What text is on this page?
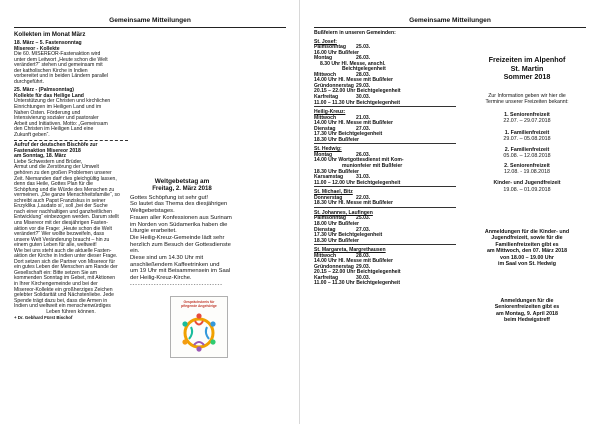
Gemeinsame Mitteilungen
Kollekten im Monat März
18. März – 5. Fastensonntag
Misereor - Kollekte
Die 60. MISEREOR-Fastenaktion wird
unter dem Leitwort „Heute schon die Welt
verändert?“ stehen und gemeinsam mit
der katholischen Kirche in Indien
vorbereitet und in beiden Ländern parallel
durchgeführt.
25. März - (Palmsonntag)
Kollekte für das Heilige Land
Unterstützung der Christen und kirchlichen
Einrichtungen im Heiligen Land und im
Nahen Osten. Förderung und
Intensivierung sozialer und pastoraler
Arbeit und Initiativen. Motto: „Gemeinsam
den Christen im Heiligen Land eine
Zukunft geben“.
Aufruf der deutschen Bischöfe zur
Fastenaktion Misereor 2018
am Sonntag, 18. März
Liebe Schwestern und Brüder,
Armut und die Zerstörung der Umwelt
gehören zu den großen Problemen unserer
Zeit. Niemanden darf dies gleichgültig lassen,
denn das Heile, Gottes Plan für die
Schöpfung und die Würde des Menschen zu
vermeinen. „Die ganze Menschheitsfamilie“, so
schreibt auch Papst Franziskus in seiner
Enzyklika ‚Laudato si‘, soll „bei der Suche
nach einer nachhaltigen und ganzheitlichen
Entwicklung“ einbezogen werden. Darum stellt
uns Misereor mit der diesjährigen Fasten-
aktion vor die Frage: „Heute schon die Welt
verändert?“ Wer wollte bezweifeln, dass
unsere Welt Veränderung braucht – hin zu
einem guten Leben für alle, weltweit!
Wie bei uns steht auch die aktuelle Fasten-
aktion der Kirche in Indien unter dieser Frage.
Dort setzen sich die Partner von Misereor für
ein gutes Leben der Menschen am Rande der
Gesellschaft ein: Bitte setzen Sie am
kommenden Sonntag im Gebet, mit Aktionen
in Ihrer Kirchengemeinde und bei der
Misereor-Kollekte ein großherziges Zeichen
gelebter Solidarität und Nächstenliebe. Jede
Spende trägt dazu bei, dass die Armen in
Indien und weltweit ein menschenwürdiges
Leben führen können.
+ Dr. Gebhard Fürst Bischof
Weltgebetstag am
Freitag, 2. März 2018
Gottes Schöpfung ist sehr gut!
So lautet das Thema des diesjährigen
Weltgebetstages.
Frauen aller Konfessionen aus Surinam
im Norden von Südamerika haben die
Liturgie erarbeitet.
Die Heilig-Kreuz-Gemeinde lädt sehr
herzlich zum Besuch der Gottesdienste
ein.
Diese sind um 14.30 Uhr mit
anschließendem Kaffeetrinken und
um 19 Uhr mit Beisammensein im Saal
der Heilig-Kreuz-Kirche.
- - - - - - - - - - - - - - - - - - - - - - - - - - - - - - - - - - -
Gesprächskreis für
pflegende Angehörige
Gemeinsame Mitteilungen
Bußfeiern in unseren Gemeinden:
St. Josef:
Palmsonntag	25.03.
16.00 Uhr Bußfeier
Montag	26.03.
8.30 Uhr Hl. Messe, anschl.
Beichtgelegenheit
Mittwoch	28.03.
14.00 Uhr Hl. Messe mit Bußfeier
Gründonnerstag 29.03.
20.15 – 22.00 Uhr Beichtgelegenheit
Karfreitag	30.03.
11.00 – 11.30 Uhr Beichtgelegenheit
Heilig-Kreuz:
Mittwoch	21.03.
14.00 Uhr Hl. Messe mit Bußfeier
Dienstag	27.03.
17.30 Uhr Beichtgelegenheit
18.30 Uhr Bußfeier
St. Hedwig:
Montag	26.03.
14.00 Uhr Wortgottesdienst mit Kom-
munionfeier mit Bußfeier
18.30 Uhr Bußfeier
Karsamstag	31.03.
11.00 – 12.00 Uhr Beichtgelegenheit
St. Michael, Bitz
Donnerstag	22.03.
18.30 Uhr Hl. Messe mit Bußfeier
St. Johannes, Laufingen
Palmsonntag	25.03.
18.00 Uhr Bußfeier
Dienstag	27.03.
17.30 Uhr Beichtgelegenheit
18.30 Uhr Bußfeier
St. Margareta, Margrethausen
Mittwoch	28.03.
14.00 Uhr Hl. Messe mit Bußfeier
Gründonnerstag 29.03.
20.15 – 22.00 Uhr Beichtgelegenheit
Karfreitag	30.03.
11.00 – 11.30 Uhr Beichtgelegenheit
Freizeiten im Alpenhof
St. Martin
Sommer 2018
Zur Information geben wir hier die
Termine unserer Freizeiten bekannt:
1. Seniorenfreizeit
22.07. – 29.07.2018
1. Familienfreizeit
29.07. – 05.08.2018
2. Familienfreizeit
05.08. – 12.08.2018
2. Seniorenfreizeit
12.08. - 19.08.2018
Kinder- und Jugendfreizeit
19.08. – 01.09.2018
Anmeldungen für die Kinder- und
Jugendfreizeit, sowie für die
Familienfreizeiten gibt es
am Mittwoch, den 07. März 2018
von 18.00 – 19.00 Uhr
im Saal von St. Hedwig
Anmeldungen für die
Seniorenfreizeiten gibt es
am Montag, 9. April 2018
beim Hedwigstreff
